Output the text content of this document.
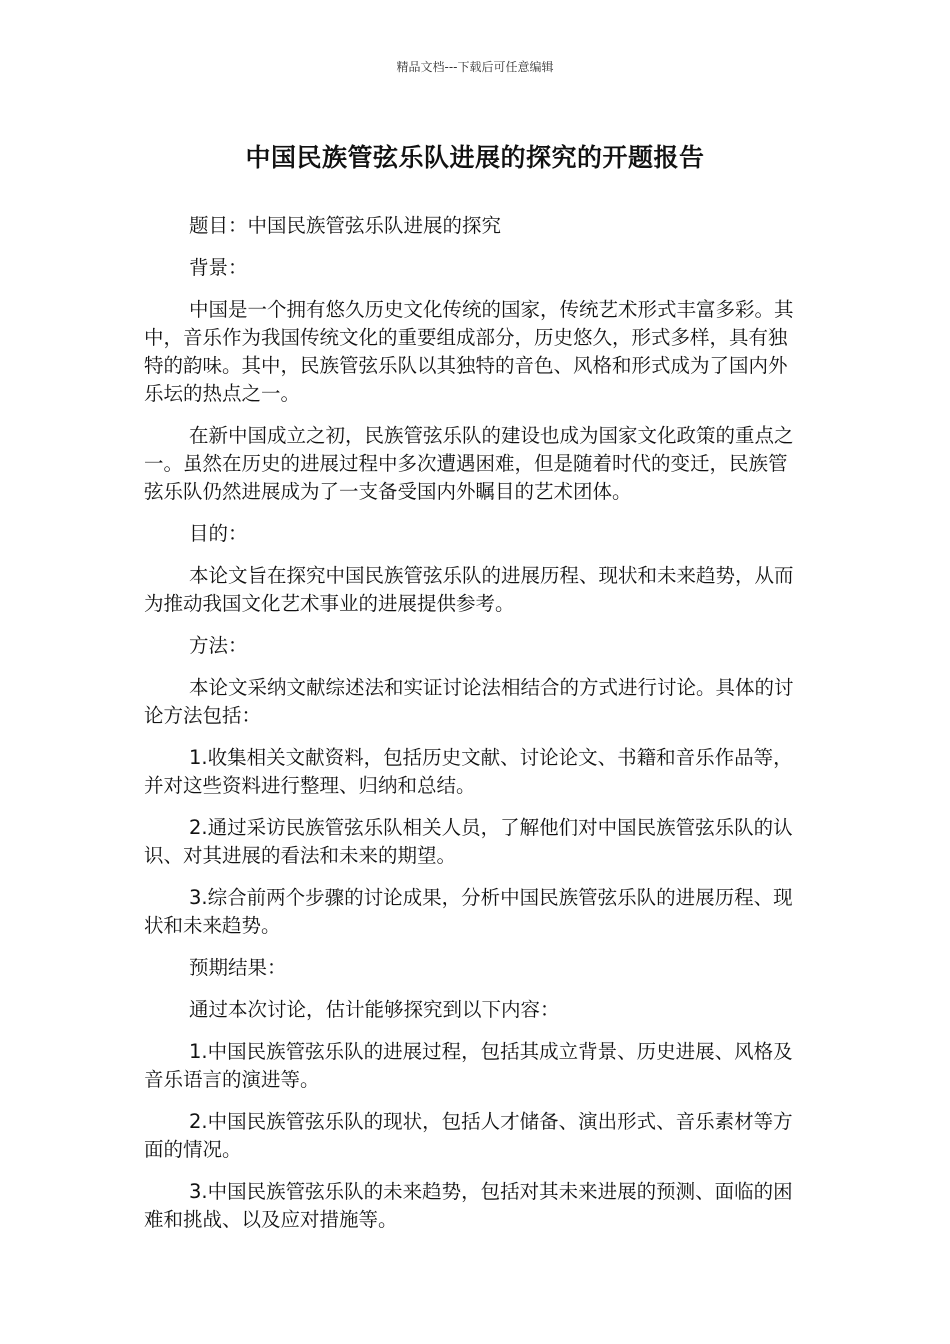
精品文档---下载后可任意编辑
中国民族管弦乐队进展的探究的开题报告

题目：中国民族管弦乐队进展的探究

背景：

中国是一个拥有悠久历史文化传统的国家，传统艺术形式丰富多彩。其中，音乐作为我国传统文化的重要组成部分，历史悠久，形式多样，具有独特的韵味。其中，民族管弦乐队以其独特的音色、风格和形式成为了国内外乐坛的热点之一。

在新中国成立之初，民族管弦乐队的建设也成为国家文化政策的重点之一。虽然在历史的进展过程中多次遭遇困难，但是随着时代的变迁，民族管弦乐队仍然进展成为了一支备受国内外瞩目的艺术团体。

目的：

本论文旨在探究中国民族管弦乐队的进展历程、现状和未来趋势，从而为推动我国文化艺术事业的进展提供参考。

方法：

本论文采纳文献综述法和实证讨论法相结合的方式进行讨论。具体的讨论方法包括：

1.收集相关文献资料，包括历史文献、讨论论文、书籍和音乐作品等，并对这些资料进行整理、归纳和总结。

2.通过采访民族管弦乐队相关人员，了解他们对中国民族管弦乐队的认识、对其进展的看法和未来的期望。

3.综合前两个步骤的讨论成果，分析中国民族管弦乐队的进展历程、现状和未来趋势。

预期结果：

通过本次讨论，估计能够探究到以下内容：

1.中国民族管弦乐队的进展过程，包括其成立背景、历史进展、风格及音乐语言的演进等。

2.中国民族管弦乐队的现状，包括人才储备、演出形式、音乐素材等方面的情况。

3.中国民族管弦乐队的未来趋势，包括对其未来进展的预测、面临的困难和挑战、以及应对措施等。
